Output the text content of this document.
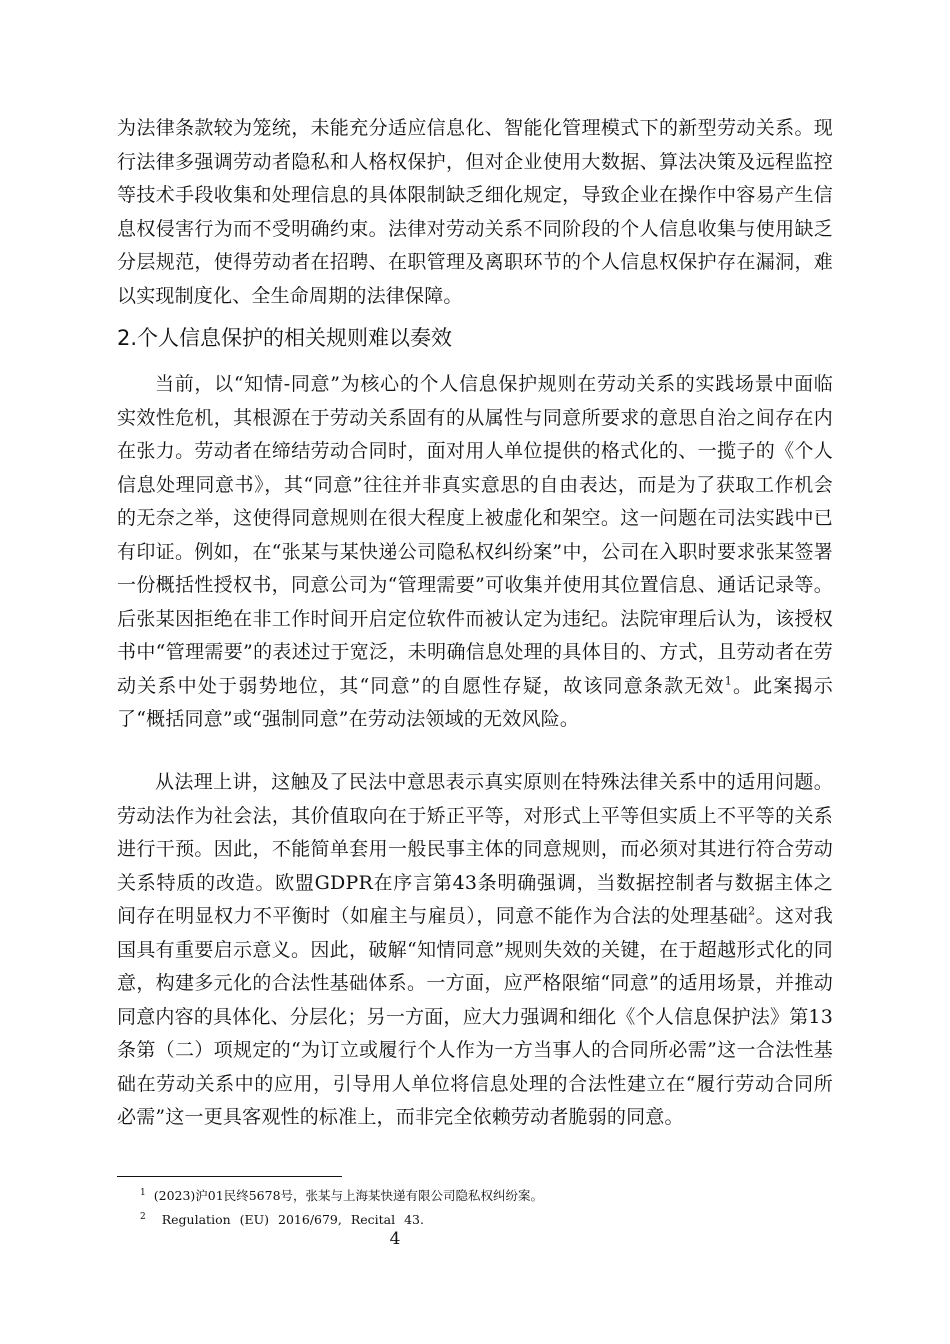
为法律条款较为笼统，未能充分适应信息化、智能化管理模式下的新型劳动关系。现行法律多强调劳动者隐私和人格权保护，但对企业使用大数据、算法决策及远程监控等技术手段收集和处理信息的具体限制缺乏细化规定，导致企业在操作中容易产生信息权侵害行为而不受明确约束。法律对劳动关系不同阶段的个人信息收集与使用缺乏分层规范，使得劳动者在招聘、在职管理及离职环节的个人信息权保护存在漏洞，难以实现制度化、全生命周期的法律保障。

2.个人信息保护的相关规则难以奏效

当前，以“知情-同意”为核心的个人信息保护规则在劳动关系的实践场景中面临实效性危机，其根源在于劳动关系固有的从属性与同意所要求的意思自治之间存在内在张力。劳动者在缔结劳动合同时，面对用人单位提供的格式化的、一揽子的《个人信息处理同意书》，其“同意”往往并非真实意思的自由表达，而是为了获取工作机会的无奈之举，这使得同意规则在很大程度上被虚化和架空。这一问题在司法实践中已有印证。例如，在“张某与某快递公司隐私权纠纷案”中，公司在入职时要求张某签署一份概括性授权书，同意公司为“管理需要”可收集并使用其位置信息、通话记录等。后张某因拒绝在非工作时间开启定位软件而被认定为违纪。法院审理后认为，该授权书中“管理需要”的表述过于宽泛，未明确信息处理的具体目的、方式，且劳动者在劳动关系中处于弱势地位，其“同意”的自愿性存疑，故该同意条款无效$^1$。此案揭示了“概括同意”或“强制同意”在劳动法领域的无效风险。

从法理上讲，这触及了民法中意思表示真实原则在特殊法律关系中的适用问题。劳动法作为社会法，其价值取向在于矫正平等，对形式上平等但实质上不平等的关系进行干预。因此，不能简单套用一般民事主体的同意规则，而必须对其进行符合劳动关系特质的改造。欧盟GDPR在序言第43条明确强调，当数据控制者与数据主体之间存在明显权力不平衡时（如雇主与雇员），同意不能作为合法的处理基础$^2$。这对我国具有重要启示意义。因此，破解“知情同意”规则失效的关键，在于超越形式化的同意，构建多元化的合法性基础体系。一方面，应严格限缩“同意”的适用场景，并推动同意内容的具体化、分层化；另一方面，应大力强调和细化《个人信息保护法》第13条第（二）项规定的“为订立或履行个人作为一方当事人的合同所必需”这一合法性基础在劳动关系中的应用，引导用人单位将信息处理的合法性建立在“履行劳动合同所必需”这一更具客观性的标准上，而非完全依赖劳动者脆弱的同意。

$^1$ (2023)沪01民终5678号，张某与上海某快递有限公司隐私权纠纷案。

$^2$ Regulation (EU) 2016/679, Recital 43.

4
